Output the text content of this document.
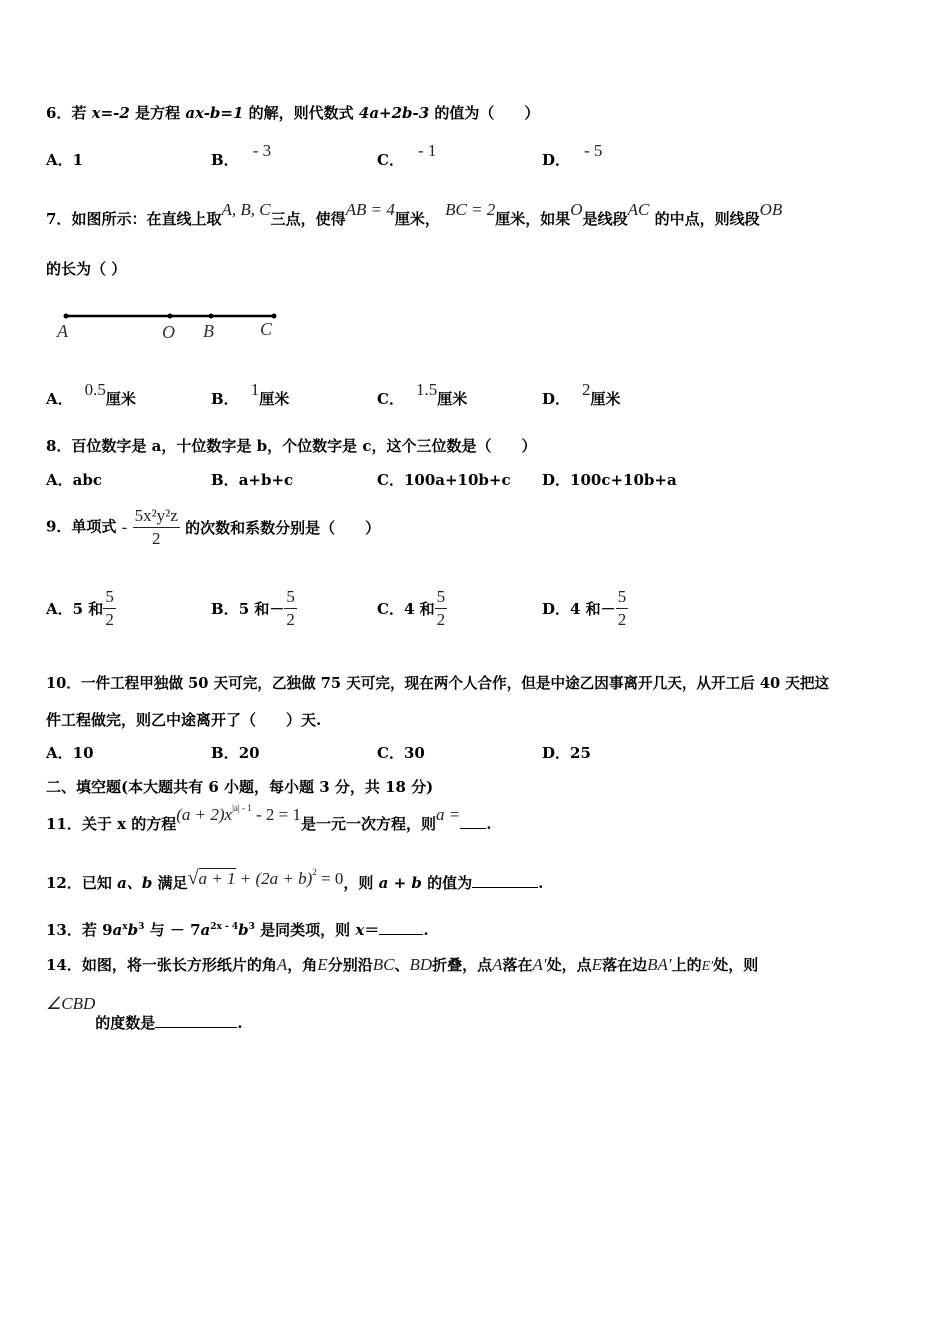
6．若 x=-2 是方程 ax-b=1 的解，则代数式 4a+2b-3 的值为（　　）
A．1	B． - 3	C． - 1	D． - 5
7．如图所示：在直线上取A, B, C三点，使得AB = 4厘米， BC = 2厘米，如果O是线段AC 的中点，则线段OB
的长为（ ）
A	O B	C
A． 0.5厘米	B． 1厘米	C． 1.5厘米	D． 2厘米
8．百位数字是 a，十位数字是 b，个位数字是 c，这个三位数是（　　）
A．abc	B．a+b+c	C．100a+10b+c D．100c+10b+a
9．单项式 - $\frac{\text{5x²y²z}}{2}$ 的次数和系数分别是（　　）
A．5 和 $\frac{5}{2}$	B．5 和－ $\frac{5}{2}$	C．4 和 $\frac{5}{2}$	D．4 和－ $\frac{5}{2}$
10．一件工程甲独做 50 天可完，乙独做 75 天可完，现在两个人合作，但是中途乙因事离开几天，从开工后 40 天把这
件工程做完，则乙中途离开了（　　）天.
A．10	B．20	C．30	D．25
二、填空题(本大题共有 6 小题，每小题 3 分，共 18 分)
11．关于 x 的方程$(a + 2)x^{|a| - 1} - 2 = 1$是一元一次方程，则a = .
12．已知 a、b 满足$√a + 1 + (2a + b)^2 = 0$，则 a + b 的值为	.
13．若 $9a^xb^3$ 与 － $7a^{2x - 4}b^3$ 是同类项，则 x＝	.
14．如图，将一张长方形纸片的角A，角E分别沿BC、BD折叠，点A落在A′处，点E落在边BA′上的E′处，则
∠CBD的度数是	.
